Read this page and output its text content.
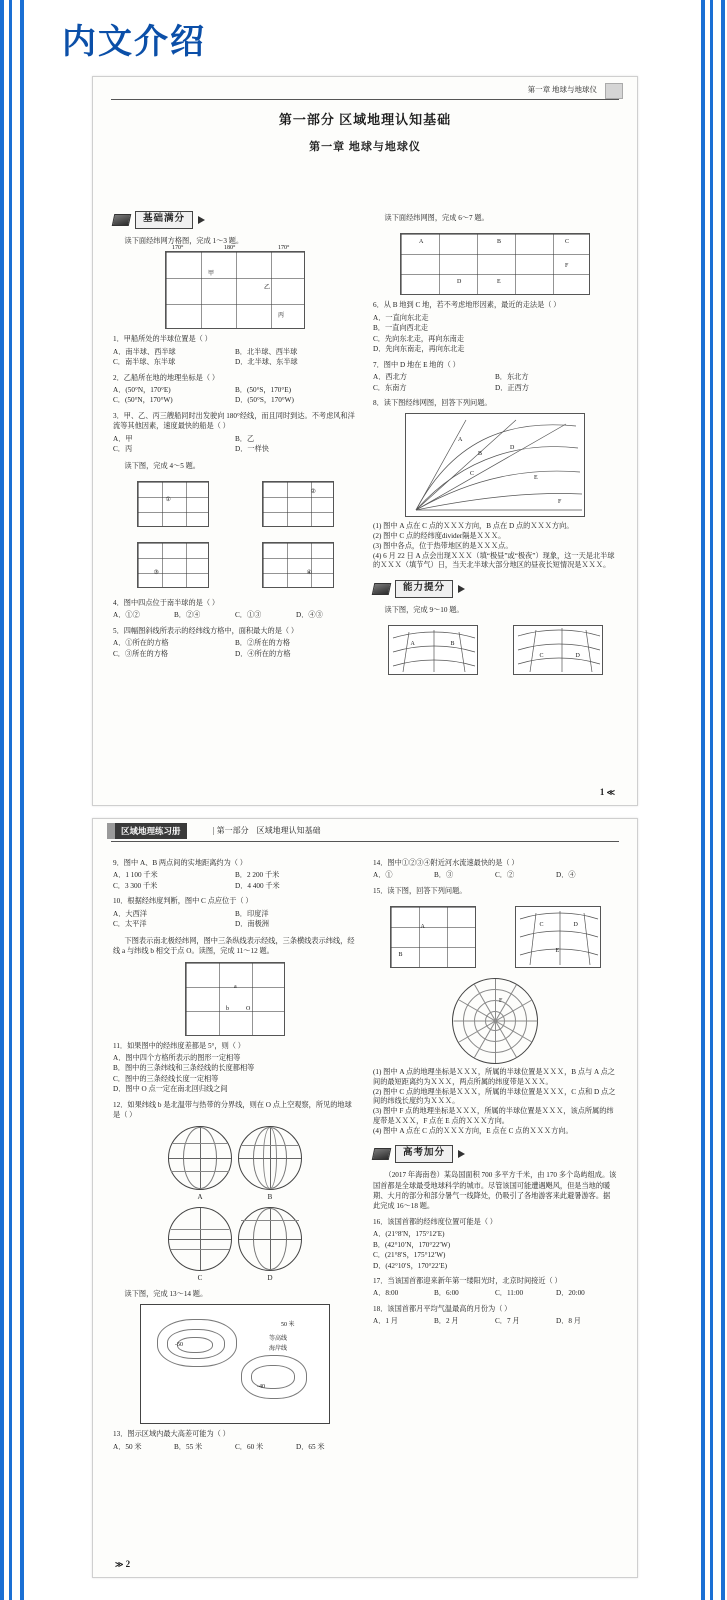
内文介绍
第一章 地球与地球仪
第一部分 区域地理认知基础
第一章 地球与地球仪
基础满分
读下面经纬网方格图，完成 1～3 题。
甲
乙
丙
170°	180°	170°
1．甲船所处的半球位置是（ ）
A．南半球、西半球	B．北半球、西半球
C．南半球、东半球	D．北半球、东半球
2．乙船所在地的地理坐标是（ ）
A．(50°N，170°E)	B．(50°S，170°E)
C．(50°N，170°W)	D．(50°S，170°W)
3．甲、乙、丙三艘船同时出发驶向 180°经线，而且同时到达。不考虑风和洋流等其他因素，速度最快的船是（ ）
A．甲	B．乙
C．丙	D．一样快
读下图，完成 4～5 题。
①
②
③	④
4．图中四点位于南半球的是（ ）
A．①②	B．②④	C．①③	D．④③
5．四幅图斜线所表示的经纬线方格中，面积最大的是（ ）
A．①所在的方格	B．②所在的方格
C．③所在的方格	D．④所在的方格
读下面经纬网图，完成 6～7 题。
A	B	C
D	E
F
6．从 B 地到 C 地，若不考虑地形因素，最近的走法是（ ）
A．一直向东北走
B．一直向西北走
C．先向东北走，再向东南走
D．先向东南走，再向东北走
7．图中 D 地在 E 地的（ ）
A．西北方	B．东北方
C．东南方	D．正西方
8．读下图经纬网图，回答下列问题。
A
B
C
D
E
F
(1) 图中 A 点在 C 点的ＸＸＸ方向，B 点在 D 点的ＸＸＸ方向。
(2) 图中 C 点的经纬度divider隔是ＸＸＸ。
(3) 图中各点，位于热带地区的是ＸＸＸ点。
(4) 6 月 22 日 A 点会出现ＸＸＸ（填“极昼”或“极夜”）现象，这一天是北半球的ＸＸＸ（填节气）日，当天北半球大部分地区的昼夜长短情况是ＸＸＸ。
能力提分
读下图，完成 9～10 题。
A	B
C	D
1 ≪
区域地理练习册	| 第一部分　区域地理认知基础
9．图中 A、B 两点间的实地距离约为（ ）
A．1 100 千米	B．2 200 千米
C．3 300 千米	D．4 400 千米
10．根据经纬度判断，图中 C 点应位于（ ）
A．大西洋	B．印度洋
C．太平洋	D．南极洲
下图表示南北极经纬网，图中三条纵线表示经线，三条横线表示纬线，经线 a 与纬线 b 相交于点 O。读图，完成 11～12 题。
a
b	O
11．如果图中的经纬度差都是 5°，则（ ）
A．图中四个方格所表示的图形一定相等
B．图中的三条纬线和三条经线的长度都相等
C．图中的三条经线长度一定相等
D．图中 O 点一定在南北回归线之间
12．如果纬线 b 是北温带与热带的分界线，则在 O 点上空观察，所见的地球是（ ）
A	B
C	D
读下图，完成 13～14 题。
-50
-40
50 米
等高线
海岸线
13．图示区域内最大高差可能为（ ）
A．50 米	B．55 米	C．60 米	D．65 米
14．图中①②③④附近河水流速最快的是（ ）
A．①	B．③	C．②	D．④
15．读下图，回答下列问题。
A
B
C	D
E
F
(1) 图中 A 点的地理坐标是ＸＸＸ，所属的半球位置是ＸＸＸ，B 点与 A 点之间的最短距离约为ＸＸＸ，两点所属的纬度带是ＸＸＸ。
(2) 图中 C 点的地理坐标是ＸＸＸ，所属的半球位置是ＸＸＸ，C 点和 D 点之间的纬线长度约为ＸＸＸ。
(3) 图中 F 点的地理坐标是ＸＸＸ，所属的半球位置是ＸＸＸ，该点所属的纬度带是ＸＸＸ，F 点在 E 点的ＸＸＸ方向。
(4) 图中 A 点在 C 点的ＸＸＸ方向，E 点在 C 点的ＸＸＸ方向。
高考加分
（2017 年海南卷）某岛国面积 700 多平方千米，由 170 多个岛屿组成。该国首都是全球最受地球科学的城市。尽管该国可能遭遇飓风，但是当地的暖期、大月的部分和部分暑气一线降处，仍吸引了各地游客来此避暑游客。据此完成 16～18 题。
16．该国首都的经纬度位置可能是（ ）
A．(21°8′N，175°12′E)
B．(42°10′N，170°22′W)
C．(21°8′S，175°12′W)
D．(42°10′S，170°22′E)
17．当该国首都迎来新年第一缕阳光时，北京时间接近（ ）
A．8:00	B．6:00	C．11:00	D．20:00
18．该国首都月平均气温最高的月份为（ ）
A．1 月	B．2 月	C．7 月	D．8 月
≫ 2
